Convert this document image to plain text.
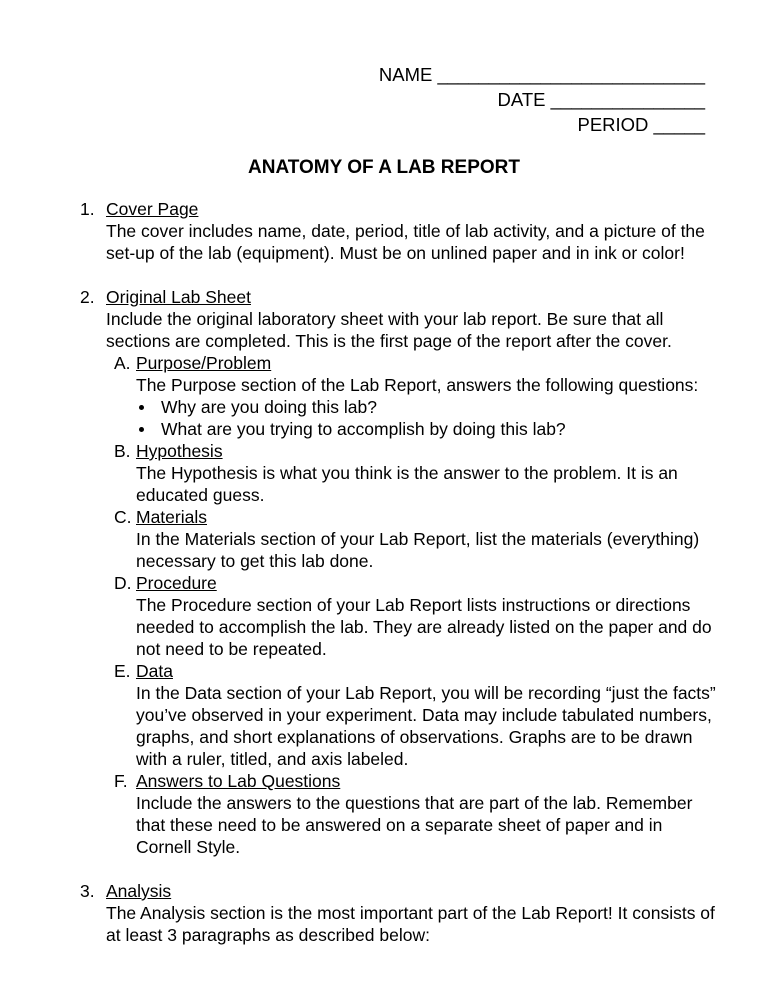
NAME __________________________
DATE _______________
PERIOD _____
ANATOMY OF A LAB REPORT
1. Cover Page
The cover includes name, date, period, title of lab activity, and a picture of the set-up of the lab (equipment). Must be on unlined paper and in ink or color!
2. Original Lab Sheet
Include the original laboratory sheet with your lab report. Be sure that all sections are completed. This is the first page of the report after the cover.
A. Purpose/Problem
The Purpose section of the Lab Report, answers the following questions:
Why are you doing this lab?
What are you trying to accomplish by doing this lab?
B. Hypothesis
The Hypothesis is what you think is the answer to the problem. It is an educated guess.
C. Materials
In the Materials section of your Lab Report, list the materials (everything) necessary to get this lab done.
D. Procedure
The Procedure section of your Lab Report lists instructions or directions needed to accomplish the lab. They are already listed on the paper and do not need to be repeated.
E. Data
In the Data section of your Lab Report, you will be recording “just the facts” you’ve observed in your experiment. Data may include tabulated numbers, graphs, and short explanations of observations. Graphs are to be drawn with a ruler, titled, and axis labeled.
F. Answers to Lab Questions
Include the answers to the questions that are part of the lab. Remember that these need to be answered on a separate sheet of paper and in Cornell Style.
3. Analysis
The Analysis section is the most important part of the Lab Report! It consists of at least 3 paragraphs as described below:
